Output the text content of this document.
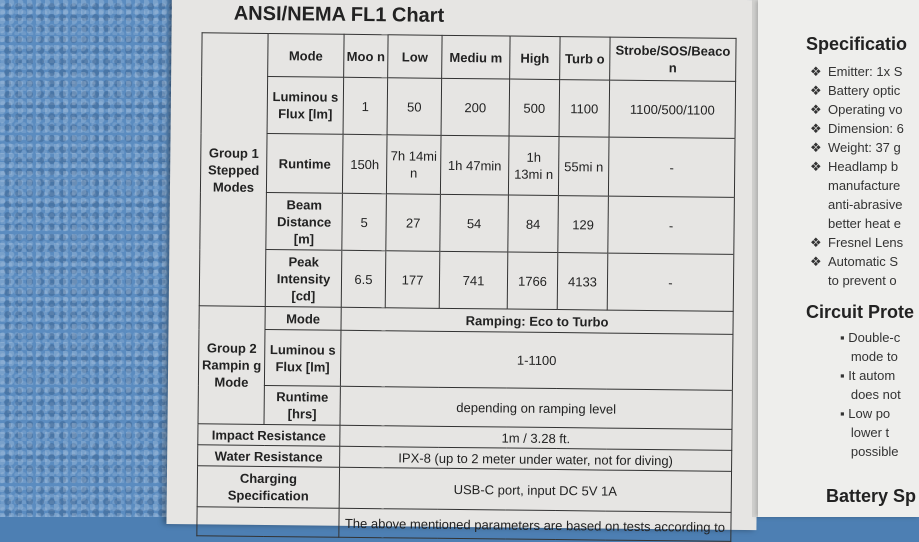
ANSI/NEMA FL1 Chart
Group 1 Stepped Modes	Mode	Moo n	Low	Mediu m	High	Turb o	Strobe/SOS/Beaco n
	Luminou s Flux [lm]	1	50	200	500	1100	1100/500/1100
	Runtime	150h	7h 14mi n	1h 47min	1h 13mi n	55mi n	-
	Beam Distance [m]	5	27	54	84	129	-
	Peak Intensity [cd]	6.5	177	741	1766	4133	-
Group 2 Rampin g Mode	Mode	Ramping: Eco to Turbo					
	Luminou s Flux [lm]	1-1100					
	Runtime [hrs]	depending on ramping level					
Impact Resistance		1m / 3.28 ft.					
Water Resistance		IPX-8 (up to 2 meter under water, not for diving)					
Charging Specification		USB-C port, input DC 5V 1A					
		The above mentioned parameters are based on tests according to					
Specificatio
❖ Emitter: 1x S
❖ Battery optic
❖ Operating vo
❖ Dimension: 6
❖ Weight: 37 g
❖ Headlamp b
manufacture
anti-abrasive
better heat e
❖ Fresnel Lens
❖ Automatic S
to prevent o
Circuit Prote
▪ Double-c
mode to
▪ It autom
does not
▪ Low po
lower t
possible
Battery Sp
